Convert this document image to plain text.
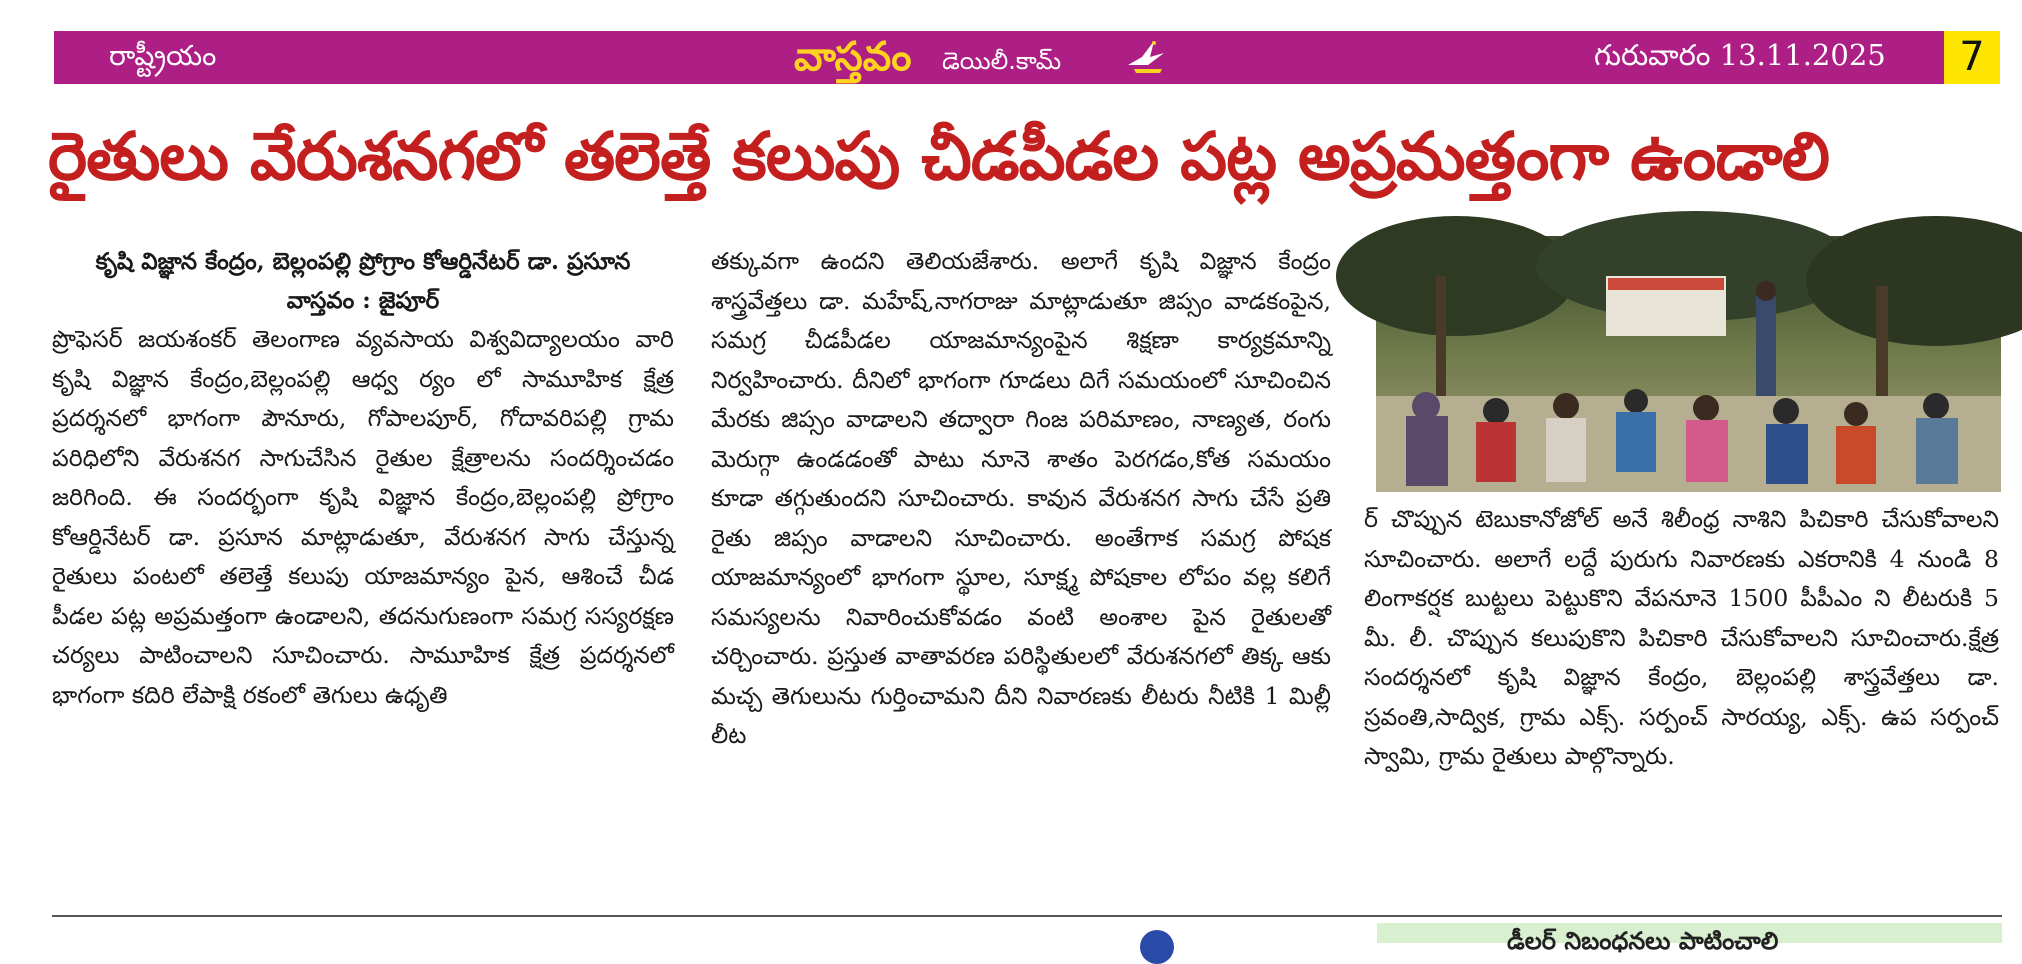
రాష్ట్రీయం	వాస్తవం డెయిలీ.కామ్	గురువారం 13.11.2025	7
రైతులు వేరుశనగలో తలెత్తే కలుపు చీడపీడల పట్ల అప్రమత్తంగా ఉండాలి
కృషి విజ్ఞాన కేంద్రం, బెల్లంపల్లి ప్రోగ్రాం కోఆర్డినేటర్ డా. ప్రసూన
వాస్తవం : జైపూర్

ప్రొఫెసర్ జయశంకర్ తెలంగాణ వ్యవసాయ విశ్వవిద్యాలయం వారి కృషి విజ్ఞాన కేంద్రం,బెల్లంపల్లి ఆధ్వ ర్యం లో సామూహిక క్షేత్ర ప్రదర్శనలో భాగంగా పౌనూరు, గోపాలపూర్, గోదావరిపల్లి గ్రామ పరిధిలోని వేరుశనగ సాగుచేసిన రైతుల క్షేత్రాలను సందర్శించడం జరిగింది. ఈ సందర్భంగా కృషి విజ్ఞాన కేంద్రం,బెల్లంపల్లి ప్రోగ్రాం కోఆర్డినేటర్ డా. ప్రసూన మాట్లాడుతూ, వేరుశనగ సాగు చేస్తున్న రైతులు పంటలో తలెత్తే కలుపు యాజమాన్యం పైన, ఆశించే చీడ పీడల పట్ల అప్రమత్తంగా ఉండాలని, తదనుగుణంగా సమగ్ర సస్యరక్షణ చర్యలు పాటించాలని సూచించారు. సామూహిక క్షేత్ర ప్రదర్శనలో భాగంగా కదిరి లేపాక్షి రకంలో తెగులు ఉధృతి

తక్కువగా ఉందని తెలియజేశారు. అలాగే కృషి విజ్ఞాన కేంద్రం శాస్త్రవేత్తలు డా. మహేష్,నాగరాజు మాట్లాడుతూ జిప్సం వాడకంపైన, సమగ్ర చీడపీడల యాజమాన్యంపైన శిక్షణా కార్యక్రమాన్ని నిర్వహించారు. దీనిలో భాగంగా గూడలు దిగే సమయంలో సూచించిన మేరకు జిప్సం వాడాలని తద్వారా గింజ పరిమాణం, నాణ్యత, రంగు మెరుగ్గా ఉండడంతో పాటు నూనె శాతం పెరగడం,కోత సమయం కూడా తగ్గుతుందని సూచించారు. కావున వేరుశనగ సాగు చేసే ప్రతి రైతు జిప్సం వాడాలని సూచించారు. అంతేగాక సమగ్ర పోషక యాజమాన్యంలో భాగంగా స్థూల, సూక్ష్మ పోషకాల లోపం వల్ల కలిగే సమస్యలను నివారించుకోవడం వంటి అంశాల పైన రైతులతో చర్చించారు. ప్రస్తుత వాతావరణ పరిస్థితులలో వేరుశనగలో తిక్క ఆకు మచ్చ తెగులును గుర్తించామని దీని నివారణకు లీటరు నీటికి 1 మిల్లీ లీట

ర్ చొప్పున టెబుకానోజోల్ అనే శిలీంధ్ర నాశిని పిచికారి చేసుకోవాలని సూచించారు. అలాగే లద్దే పురుగు నివారణకు ఎకరానికి 4 నుండి 8 లింగాకర్షక బుట్టలు పెట్టుకొని వేపనూనె 1500 పీపీఎం ని లీటరుకి 5 మీ. లీ. చొప్పున కలుపుకొని పిచికారి చేసుకోవాలని సూచించారు.క్షేత్ర సందర్శనలో కృషి విజ్ఞాన కేంద్రం, బెల్లంపల్లి శాస్త్రవేత్తలు డా. స్రవంతి,సాద్విక, గ్రామ ఎక్స్. సర్పంచ్ సారయ్య, ఎక్స్. ఉప సర్పంచ్ స్వామి, గ్రామ రైతులు పాల్గొన్నారు.

డీలర్ నిబంధనలు పాటించాలి
